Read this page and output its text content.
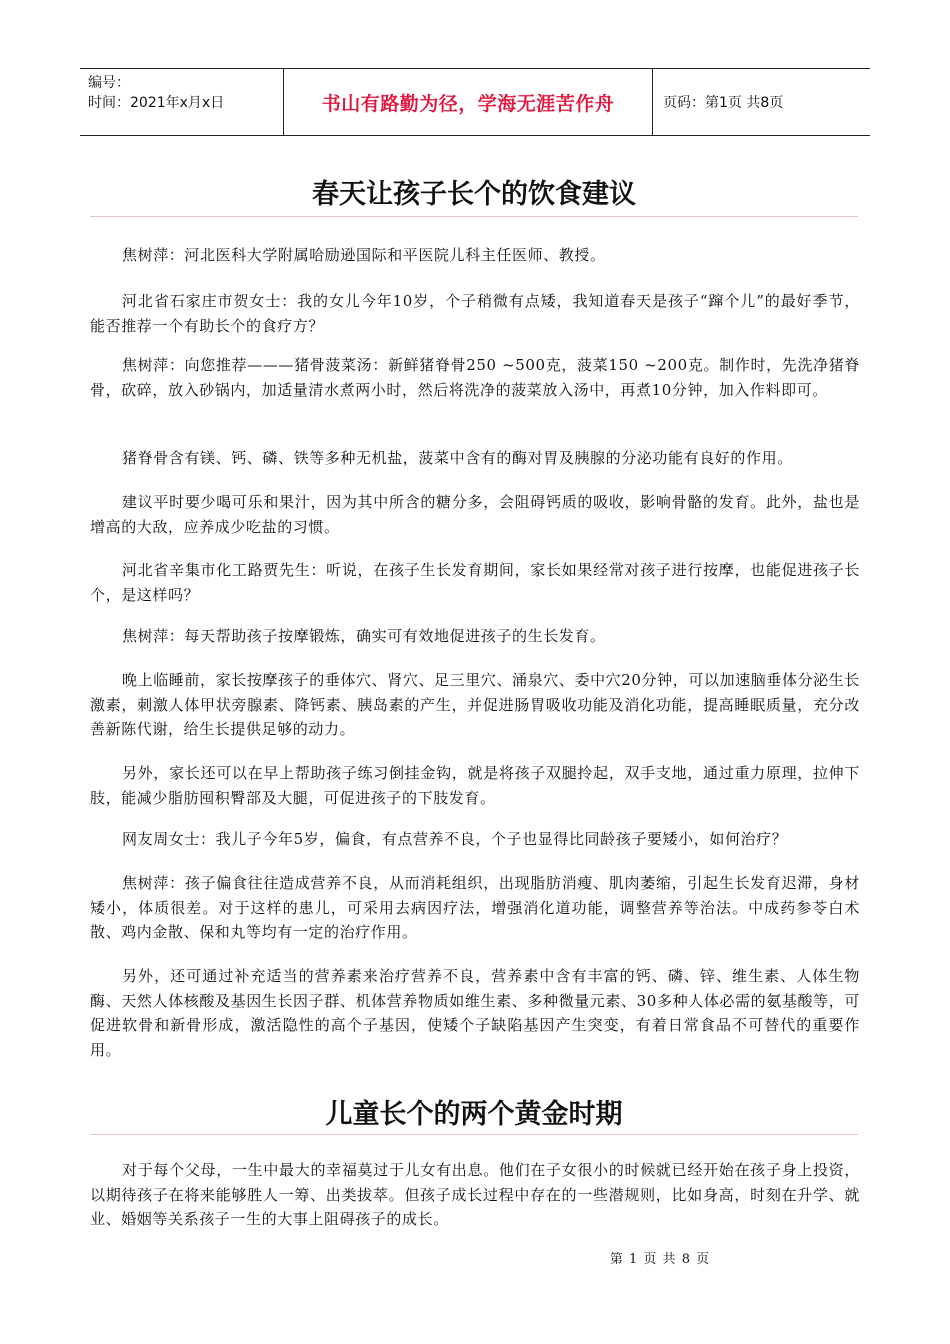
编号：
时间：2021年x月x日	书山有路勤为径，学海无涯苦作舟	页码：第1页 共8页
春天让孩子长个的饮食建议

焦树萍：河北医科大学附属哈励逊国际和平医院儿科主任医师、教授。

河北省石家庄市贺女士：我的女儿今年10岁，个子稍微有点矮，我知道春天是孩子“蹿个儿”的最好季节，能否推荐一个有助长个的食疗方？

焦树萍：向您推荐———猪骨菠菜汤：新鲜猪脊骨250 ~500克，菠菜150 ~200克。制作时，先洗净猪脊骨，砍碎，放入砂锅内，加适量清水煮两小时，然后将洗净的菠菜放入汤中，再煮10分钟，加入作料即可。

猪脊骨含有镁、钙、磷、铁等多种无机盐，菠菜中含有的酶对胃及胰腺的分泌功能有良好的作用。

建议平时要少喝可乐和果汁，因为其中所含的糖分多，会阻碍钙质的吸收，影响骨骼的发育。此外，盐也是增高的大敌，应养成少吃盐的习惯。

河北省辛集市化工路贾先生：听说，在孩子生长发育期间，家长如果经常对孩子进行按摩，也能促进孩子长个，是这样吗？

焦树萍：每天帮助孩子按摩锻炼，确实可有效地促进孩子的生长发育。

晚上临睡前，家长按摩孩子的垂体穴、肾穴、足三里穴、涌泉穴、委中穴20分钟，可以加速脑垂体分泌生长激素，刺激人体甲状旁腺素、降钙素、胰岛素的产生，并促进肠胃吸收功能及消化功能，提高睡眠质量，充分改善新陈代谢，给生长提供足够的动力。

另外，家长还可以在早上帮助孩子练习倒挂金钩，就是将孩子双腿拎起，双手支地，通过重力原理，拉伸下肢，能减少脂肪囤积臀部及大腿，可促进孩子的下肢发育。

网友周女士：我儿子今年5岁，偏食，有点营养不良，个子也显得比同龄孩子要矮小，如何治疗？

焦树萍：孩子偏食往往造成营养不良，从而消耗组织，出现脂肪消瘦、肌肉萎缩，引起生长发育迟滞，身材矮小，体质很差。对于这样的患儿，可采用去病因疗法，增强消化道功能，调整营养等治法。中成药参苓白术散、鸡内金散、保和丸等均有一定的治疗作用。

另外，还可通过补充适当的营养素来治疗营养不良，营养素中含有丰富的钙、磷、锌、维生素、人体生物酶、天然人体核酸及基因生长因子群、机体营养物质如维生素、多种微量元素、30多种人体必需的氨基酸等，可促进软骨和新骨形成，激活隐性的高个子基因，使矮个子缺陷基因产生突变，有着日常食品不可替代的重要作用。

儿童长个的两个黄金时期

对于每个父母，一生中最大的幸福莫过于儿女有出息。他们在子女很小的时候就已经开始在孩子身上投资，以期待孩子在将来能够胜人一筹、出类拔萃。但孩子成长过程中存在的一些潜规则，比如身高，时刻在升学、就业、婚姻等关系孩子一生的大事上阻碍孩子的成长。

第 1 页 共 8 页
